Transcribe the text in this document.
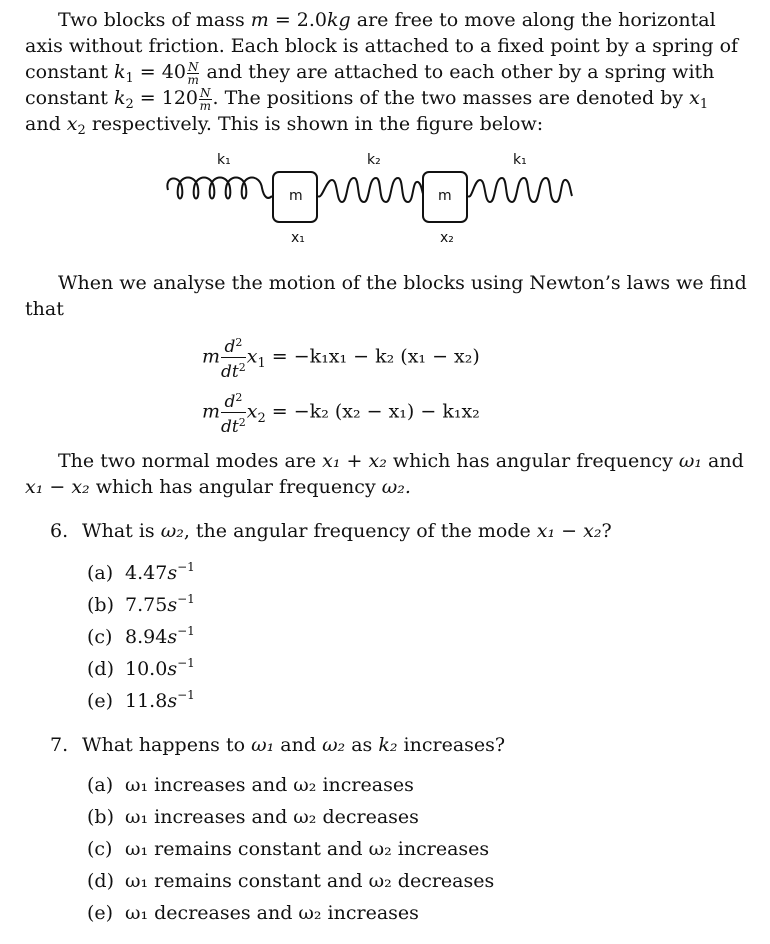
Two blocks of mass m = 2.0kg are free to move along the horizontal
axis without friction. Each block is attached to a fixed point by a spring of
constant $k_1 = 40 \frac{N}{m}$ and they are attached to each other by a spring with
constant $k_2 = 120 \frac{N}{m}$ . The positions of the two masses are denoted by $x_1$
and $x_2$ respectively. This is shown in the figure below:
k₁	k₂	k₁
m	m
x₁	x₂
When we analyse the motion of the blocks using Newton’s laws we find
that
m $\frac{d^2}{dt^2} x_1 = -k_1x_1 - k_2$ (x₁ − x₂)
m $\frac{d^2}{dt^2} x_2 = -k_2$ (x₂ − x₁) − k₁x₂
The two normal modes are x₁ + x₂ which has angular frequency ω₁ and
x₁ − x₂ which has angular frequency ω₂.
6. What is ω₂, the angular frequency of the mode x₁ − x₂?
(a) $4.47s^{-1}$
(b) $7.75s^{-1}$
(c) $8.94s^{-1}$
(d) $10.0s^{-1}$
(e) $11.8s^{-1}$
7. What happens to ω₁ and ω₂ as k₂ increases?
(a) ω₁ increases and ω₂ increases
(b) ω₁ increases and ω₂ decreases
(c) ω₁ remains constant and ω₂ increases
(d) ω₁ remains constant and ω₂ decreases
(e) ω₁ decreases and ω₂ increases
